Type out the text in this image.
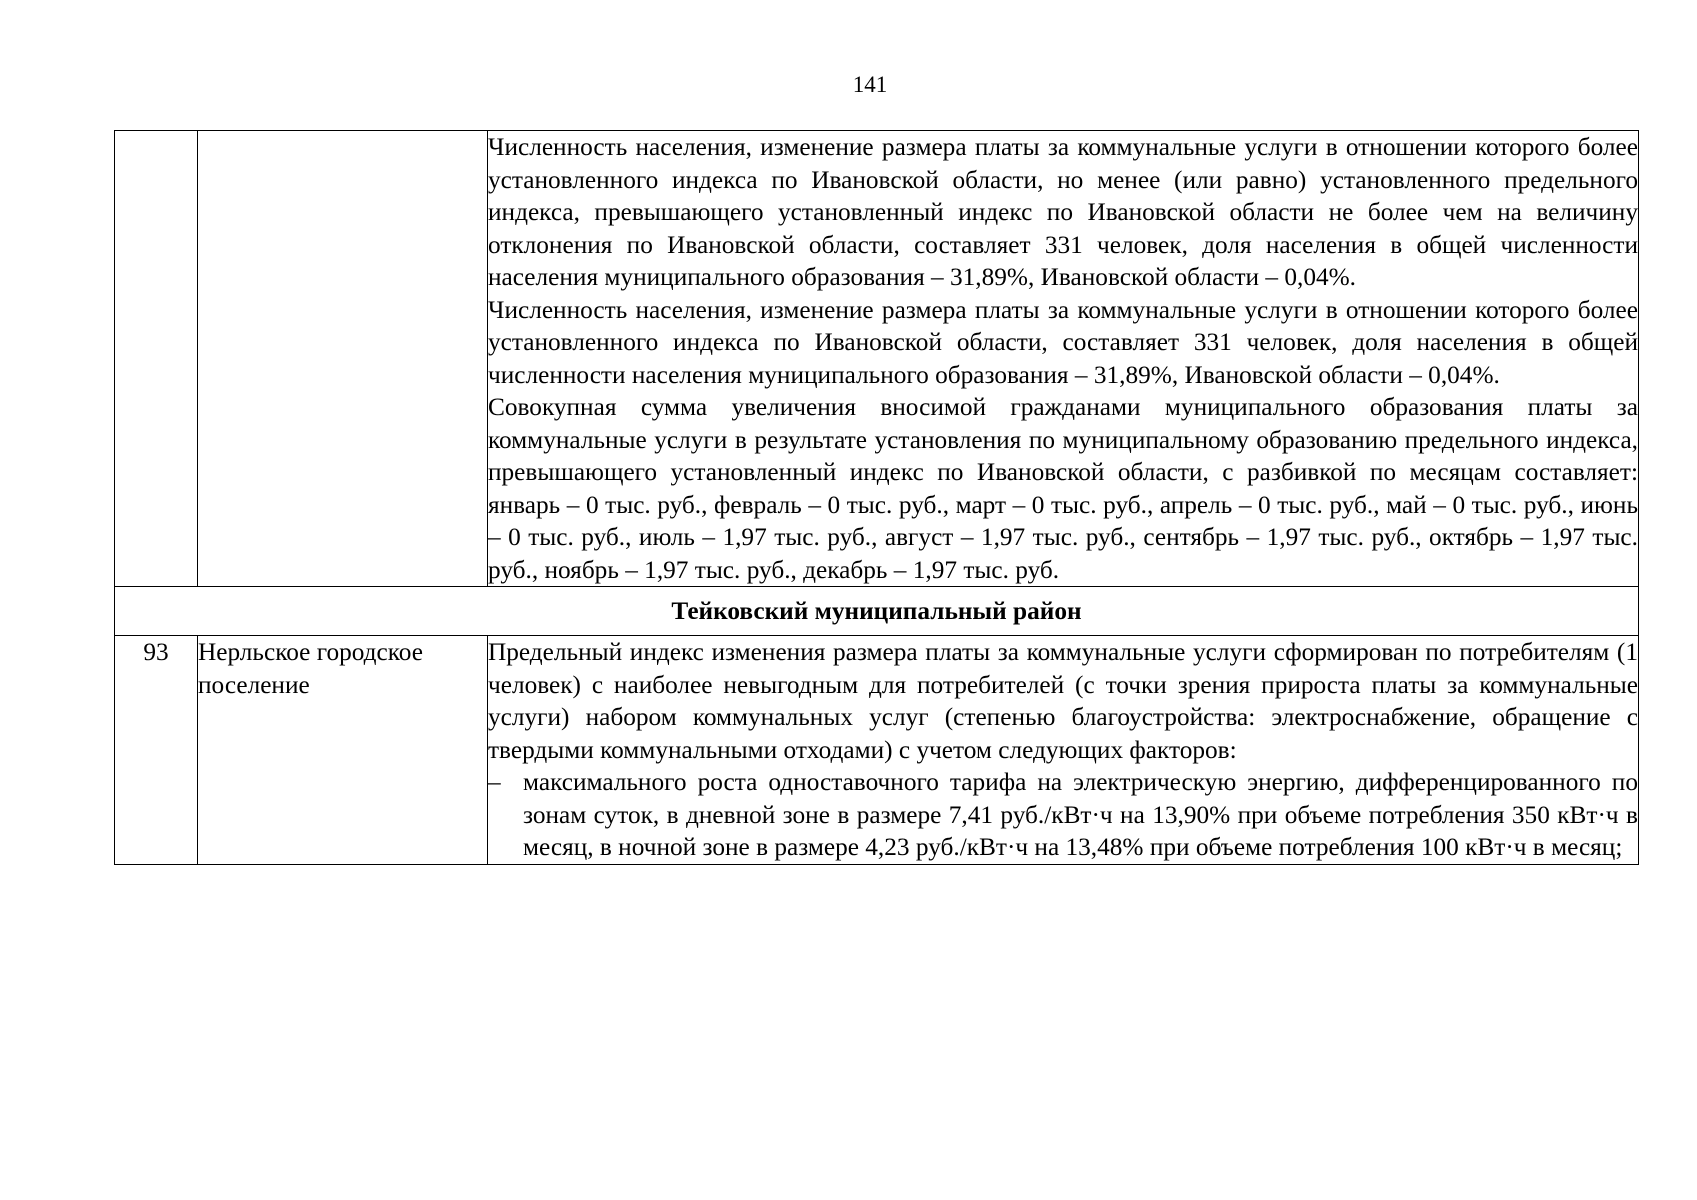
141

		Численность населения, изменение размера платы за коммунальные услуги в отношении которого более установленного индекса по Ивановской области, но менее (или равно) установленного предельного индекса, превышающего установленный индекс по Ивановской области не более чем на величину отклонения по Ивановской области, составляет 331 человек, доля населения в общей численности населения муниципального образования – 31,89%, Ивановской области – 0,04%.

Численность населения, изменение размера платы за коммунальные услуги в отношении которого более установленного индекса по Ивановской области, составляет 331 человек, доля населения в общей численности населения муниципального образования – 31,89%, Ивановской области – 0,04%.

Совокупная сумма увеличения вносимой гражданами муниципального образования платы за коммунальные услуги в результате установления по муниципальному образованию предельного индекса, превышающего установленный индекс по Ивановской области, с разбивкой по месяцам составляет: январь – 0 тыс. руб., февраль – 0 тыс. руб., март – 0 тыс. руб., апрель – 0 тыс. руб., май – 0 тыс. руб., июнь – 0 тыс. руб., июль – 1,97 тыс. руб., август – 1,97 тыс. руб., сентябрь – 1,97 тыс. руб., октябрь – 1,97 тыс. руб., ноябрь – 1,97 тыс. руб., декабрь – 1,97 тыс. руб.

Тейковский муниципальный район		
93	Нерльское городское поселение	Предельный индекс изменения размера платы за коммунальные услуги сформирован по потребителям (1 человек) с наиболее невыгодным для потребителей (с точки зрения прироста платы за коммунальные услуги) набором коммунальных услуг (степенью благоустройства: электроснабжение, обращение с твердыми коммунальными отходами) с учетом следующих факторов:

– максимального роста одноставочного тарифа на электрическую энергию, дифференцированного по зонам суток, в дневной зоне в размере 7,41 руб./кВт·ч на 13,90% при объеме потребления 350 кВт·ч в месяц, в ночной зоне в размере 4,23 руб./кВт·ч на 13,48% при объеме потребления 100 кВт·ч в месяц;
